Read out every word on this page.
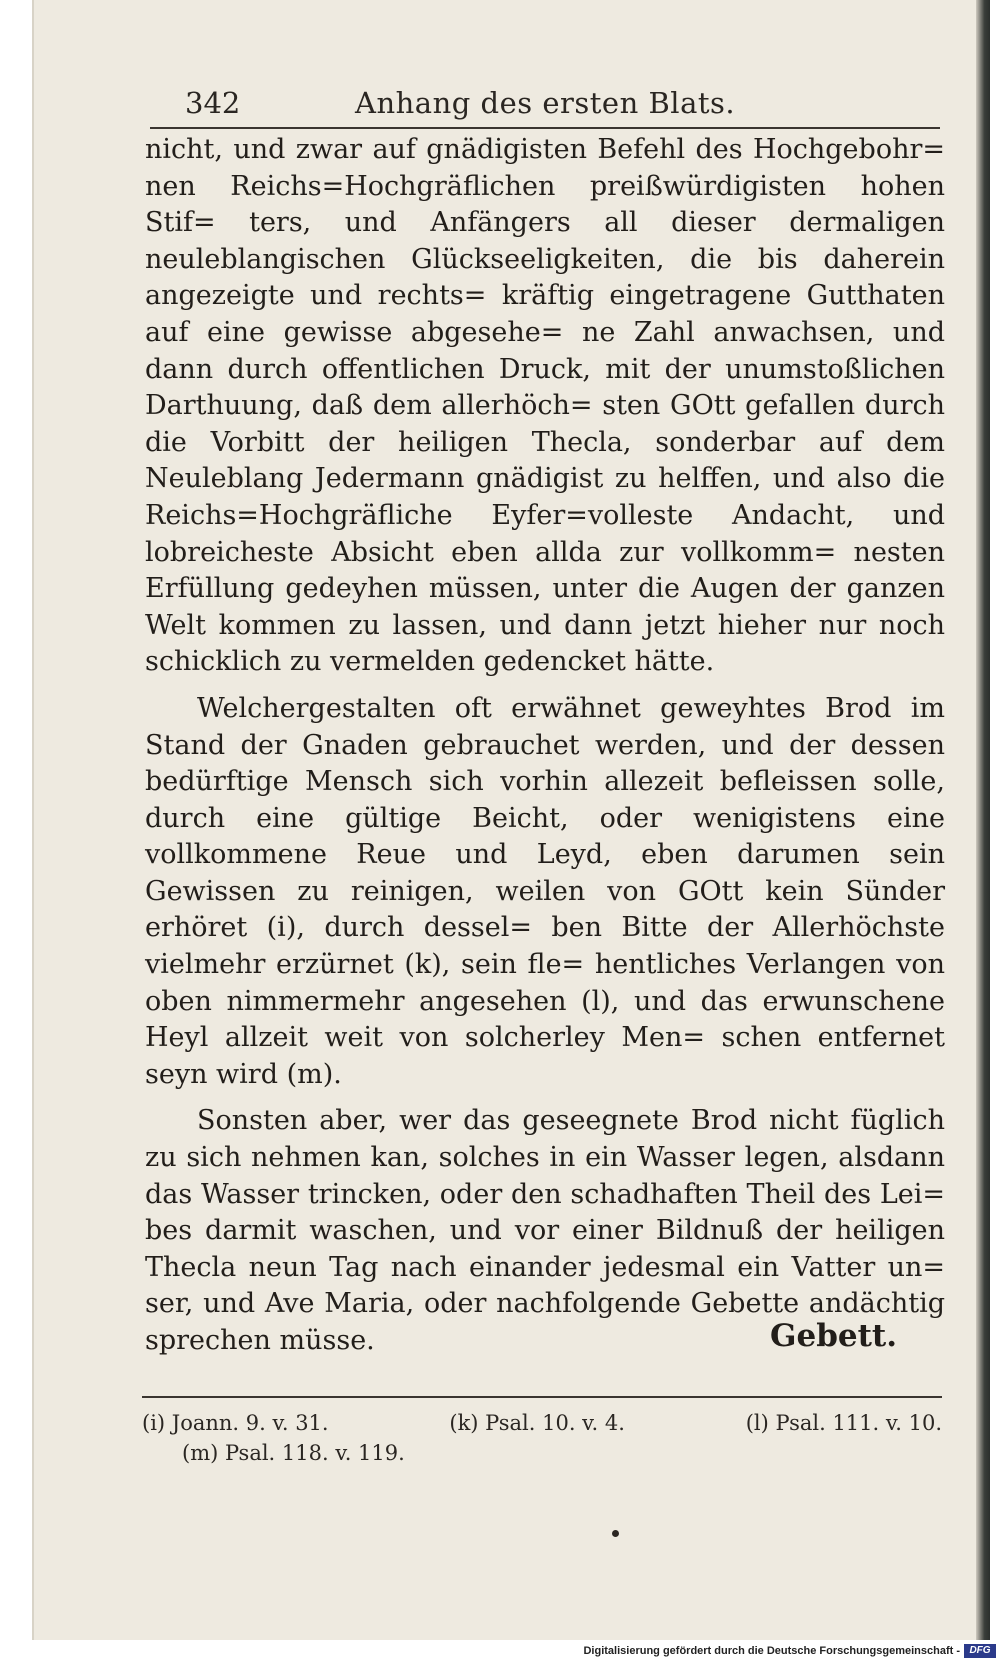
342	Anhang des ersten Blats.

nicht, und zwar auf gnädigisten Befehl des Hochgebohr= nen Reichs=Hochgräflichen preißwürdigisten hohen Stif= ters, und Anfängers all dieser dermaligen neuleblangischen Glückseeligkeiten, die bis daherein angezeigte und rechts= kräftig eingetragene Gutthaten auf eine gewisse abgesehe= ne Zahl anwachsen, und dann durch offentlichen Druck, mit der unumstoßlichen Darthuung, daß dem allerhöch= sten GOtt gefallen durch die Vorbitt der heiligen Thecla, sonderbar auf dem Neuleblang Jedermann gnädigist zu helffen, und also die Reichs=Hochgräfliche Eyfer=volleste Andacht, und lobreicheste Absicht eben allda zur vollkomm= nesten Erfüllung gedeyhen müssen, unter die Augen der ganzen Welt kommen zu lassen, und dann jetzt hieher nur noch schicklich zu vermelden gedencket hätte.

Welchergestalten oft erwähnet geweyhtes Brod im Stand der Gnaden gebrauchet werden, und der dessen bedürftige Mensch sich vorhin allezeit befleissen solle, durch eine gültige Beicht, oder wenigistens eine vollkommene Reue und Leyd, eben darumen sein Gewissen zu reinigen, weilen von GOtt kein Sünder erhöret (i), durch dessel= ben Bitte der Allerhöchste vielmehr erzürnet (k), sein fle= hentliches Verlangen von oben nimmermehr angesehen (l), und das erwunschene Heyl allzeit weit von solcherley Men= schen entfernet seyn wird (m).

Sonsten aber, wer das geseegnete Brod nicht füglich zu sich nehmen kan, solches in ein Wasser legen, alsdann das Wasser trincken, oder den schadhaften Theil des Lei= bes darmit waschen, und vor einer Bildnuß der heiligen Thecla neun Tag nach einander jedesmal ein Vatter un= ser, und Ave Maria, oder nachfolgende Gebette andächtig sprechen müsse.	Gebett.
(i) Joann. 9. v. 31.	(k) Psal. 10. v. 4.	(l) Psal. 111. v. 10.
(m) Psal. 118. v. 119.
Digitalisierung gefördert durch die Deutsche Forschungsgemeinschaft - DFG
